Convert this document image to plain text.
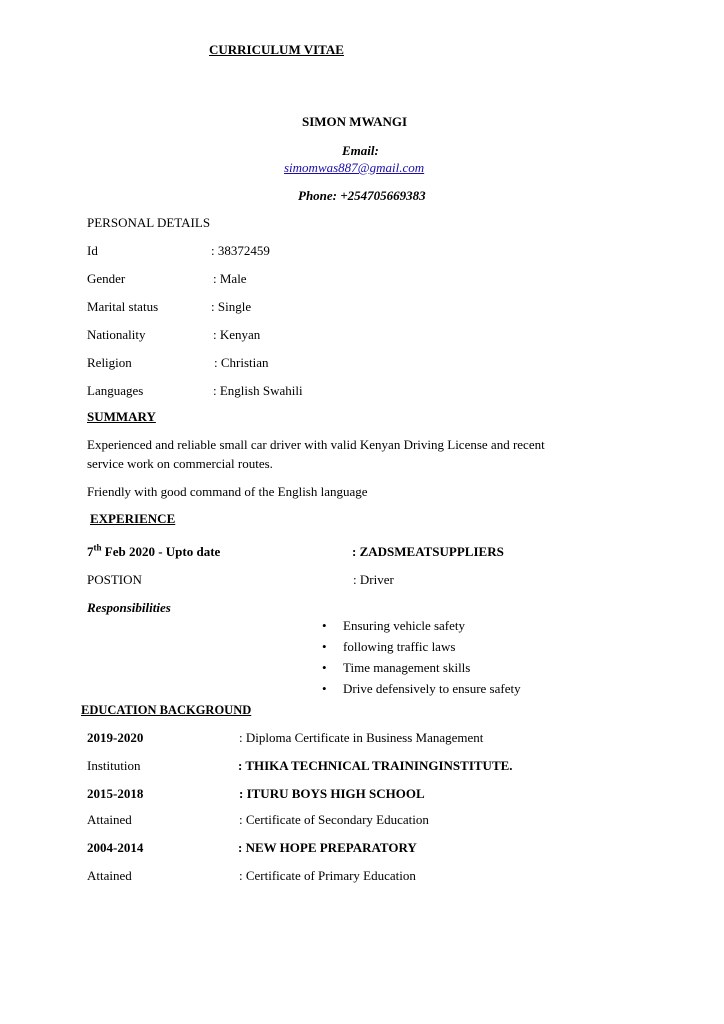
CURRICULUM VITAE
SIMON MWANGI
Email:
simomwas887@gmail.com
Phone: +254705669383
PERSONAL DETAILS
Id	: 38372459
Gender	: Male
Marital status	: Single
Nationality	: Kenyan
Religion	: Christian
Languages	: English Swahili
SUMMARY
Experienced and reliable small car driver with valid Kenyan Driving License and recent
service work on commercial routes.
Friendly with good command of the English language
EXPERIENCE
7th Feb 2020 - Upto date	: ZADSMEATSUPPLIERS
POSTION	: Driver
Responsibilities
• Ensuring vehicle safety
• following traffic laws
• Time management skills
• Drive defensively to ensure safety
EDUCATION BACKGROUND
2019-2020	: Diploma Certificate in Business Management
Institution	: THIKA TECHNICAL TRAININGINSTITUTE.
2015-2018	: ITURU BOYS HIGH SCHOOL
Attained	: Certificate of Secondary Education
2004-2014	: NEW HOPE PREPARATORY
Attained	: Certificate of Primary Education
